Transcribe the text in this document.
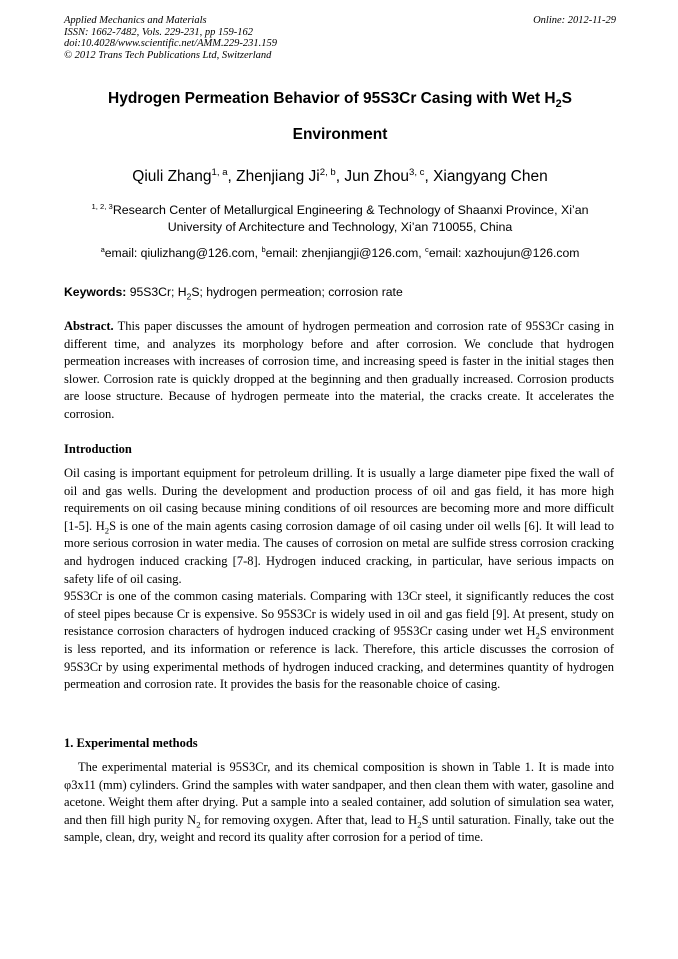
Applied Mechanics and Materials
ISSN: 1662-7482, Vols. 229-231, pp 159-162
doi:10.4028/www.scientific.net/AMM.229-231.159
© 2012 Trans Tech Publications Ltd, Switzerland
Online: 2012-11-29
Hydrogen Permeation Behavior of 95S3Cr Casing with Wet $H_2S$
Environment
Qiuli Zhang$^{1, a}$, Zhenjiang Ji$^{2, b}$, Jun Zhou$^{3, c}$, Xiangyang Chen
$^{1, 2, 3}$Research Center of Metallurgical Engineering & Technology of Shaanxi Province, Xi’an
University of Architecture and Technology, Xi’an 710055, China
$^a$email: qiulizhang@126.com, $^b$email: zhenjiangji@126.com, $^c$email: xazhoujun@126.com
Keywords: 95S3Cr; $H_2S$; hydrogen permeation; corrosion rate
Abstract. This paper discusses the amount of hydrogen permeation and corrosion rate of 95S3Cr casing in different time, and analyzes its morphology before and after corrosion. We conclude that hydrogen permeation increases with increases of corrosion time, and increasing speed is faster in the initial stages then slower. Corrosion rate is quickly dropped at the beginning and then gradually increased. Corrosion products are loose structure. Because of hydrogen permeate into the material, the cracks create. It accelerates the corrosion.
Introduction

Oil casing is important equipment for petroleum drilling. It is usually a large diameter pipe fixed the wall of oil and gas wells. During the development and production process of oil and gas field, it has more high requirements on oil casing because mining conditions of oil resources are becoming more and more difficult [1-5]. $H_2S$ is one of the main agents casing corrosion damage of oil casing under oil wells [6]. It will lead to more serious corrosion in water media. The causes of corrosion on metal are sulfide stress corrosion cracking and hydrogen induced cracking [7-8]. Hydrogen induced cracking, in particular, have serious impacts on safety life of oil casing.

95S3Cr is one of the common casing materials. Comparing with 13Cr steel, it significantly reduces the cost of steel pipes because Cr is expensive. So 95S3Cr is widely used in oil and gas field [9]. At present, study on resistance corrosion characters of hydrogen induced cracking of 95S3Cr casing under wet $H_2S$ environment is less reported, and its information or reference is lack. Therefore, this article discusses the corrosion of 95S3Cr by using experimental methods of hydrogen induced cracking, and determines quantity of hydrogen permeation and corrosion rate. It provides the basis for the reasonable choice of casing.

1. Experimental methods

The experimental material is 95S3Cr, and its chemical composition is shown in Table 1. It is made into φ3x11 (mm) cylinders. Grind the samples with water sandpaper, and then clean them with water, gasoline and acetone. Weight them after drying. Put a sample into a sealed container, add solution of simulation sea water, and then fill high purity $N_2$ for removing oxygen. After that, lead to $H_2S$ until saturation. Finally, take out the sample, clean, dry, weight and record its quality after corrosion for a period of time.
